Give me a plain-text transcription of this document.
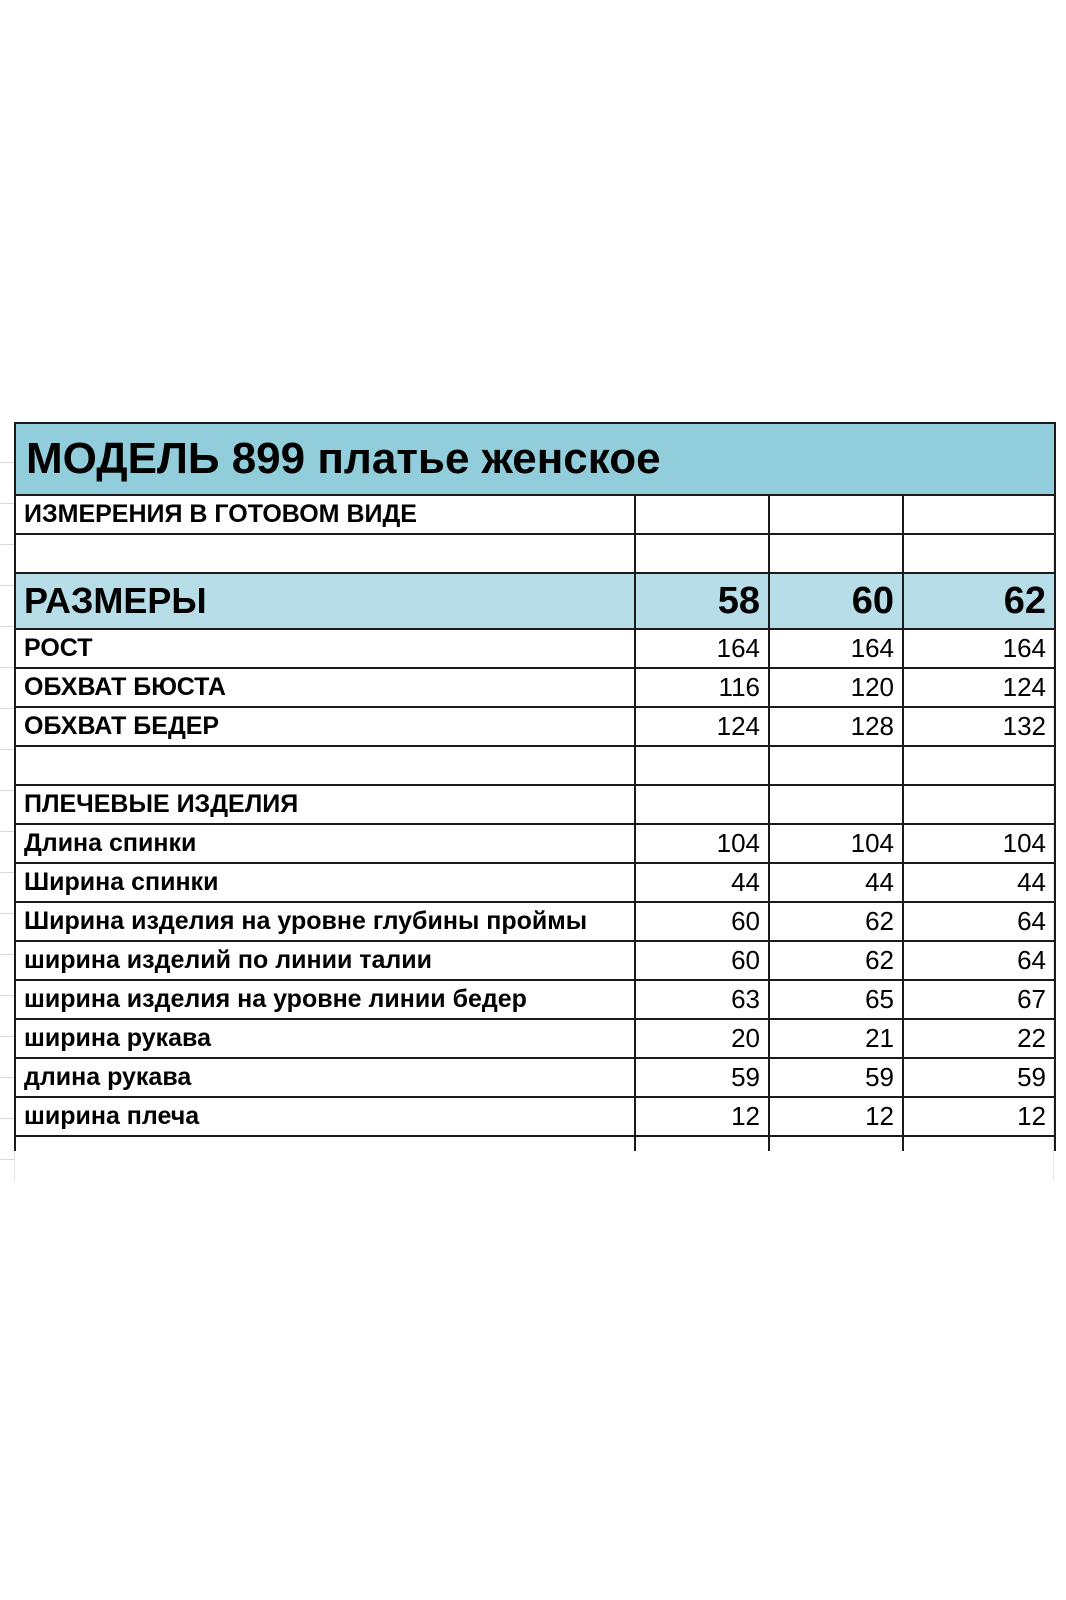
МОДЕЛЬ 899 платье женское			
ИЗМЕРЕНИЯ В ГОТОВОМ ВИДЕ			

РАЗМЕРЫ	58	60	62
РОСТ	164	164	164
ОБХВАТ БЮСТА	116	120	124
ОБХВАТ БЕДЕР	124	128	132

ПЛЕЧЕВЫЕ ИЗДЕЛИЯ			
Длина спинки	104	104	104
Ширина спинки	44	44	44
Ширина изделия на уровне глубины проймы	60	62	64
ширина изделий по линии талии	60	62	64
ширина изделия на уровне линии бедер	63	65	67
ширина рукава	20	21	22
длина рукава	59	59	59
ширина плеча	12	12	12
